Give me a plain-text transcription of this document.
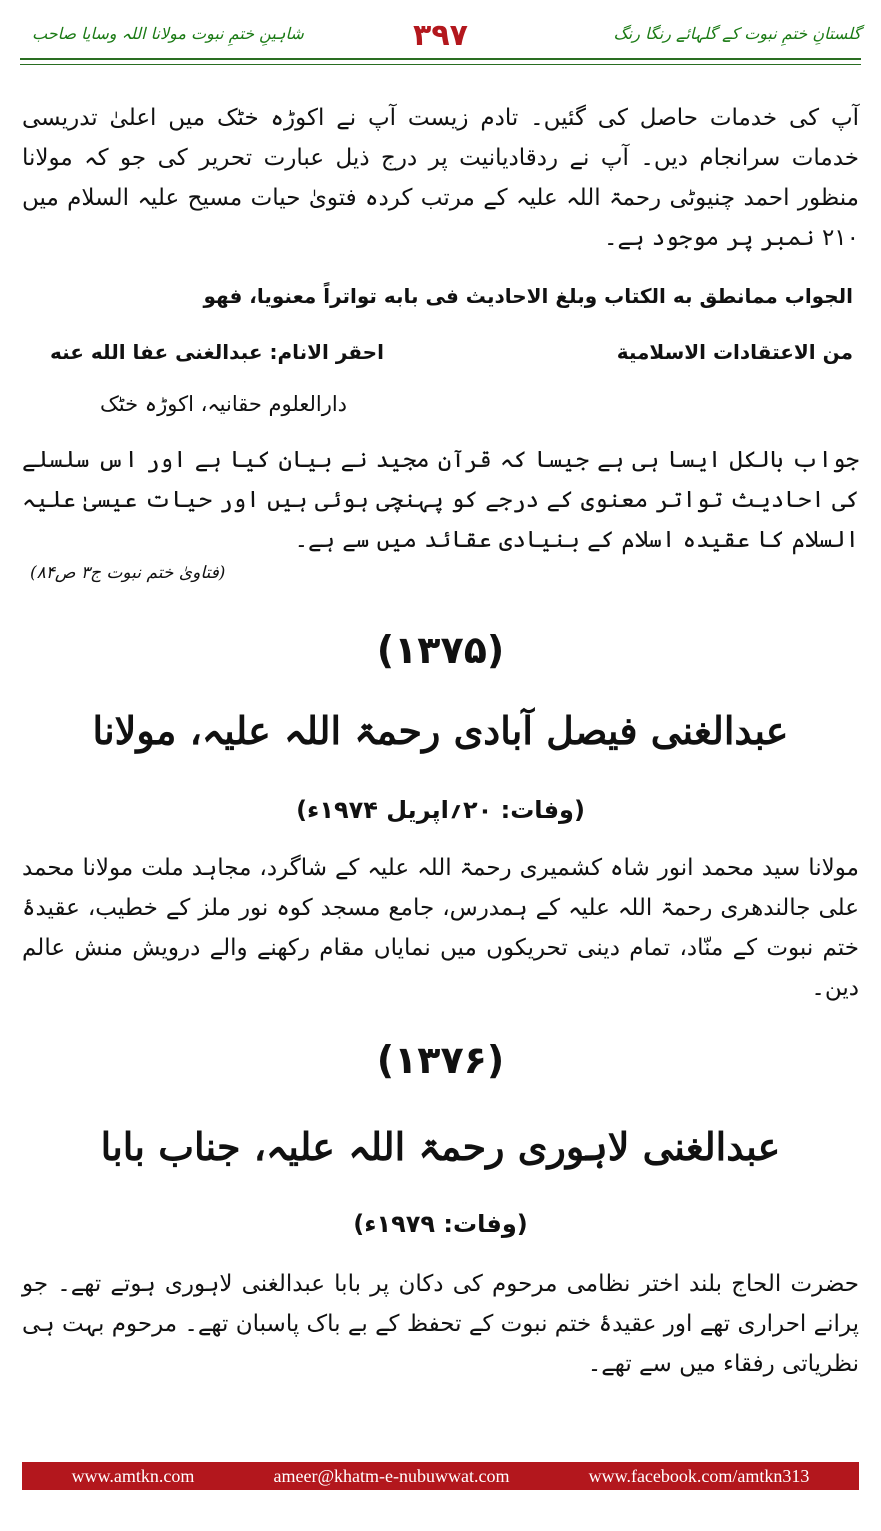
گلستانِ ختمِ نبوت کے گلہائے رنگا رنگ
۳۹۷
شاہینِ ختمِ نبوت مولانا اللہ وسایا صاحب

آپ کی خدمات حاصل کی گئیں۔ تادم زیست آپ نے اکوڑہ خٹک میں اعلیٰ تدریسی خدمات سرانجام دیں۔ آپ نے ردقادیانیت پر درج ذیل عبارت تحریر کی جو کہ مولانا منظور احمد چنیوٹی رحمۃ اللہ علیہ کے مرتب کردہ فتویٰ حیات مسیح علیہ السلام میں ۲۱۰ نمبر پر موجود ہے۔

الجواب ممانطق به الكتاب وبلغ الاحاديث فى بابه تواتراً معنويا، فهو
من الاعتقادات الاسلامية
احقر الانام: عبدالغنى عفا الله عنه
دارالعلوم حقانیہ، اکوڑہ خٹک

جواب بالکل ایسا ہی ہے جیسا کہ قرآن مجید نے بیان کیا ہے اور اس سلسلے کی احادیث تواتر معنوی کے درجے کو پہنچی ہوئی ہیں اور حیات عیسیٰ علیہ السلام کا عقیدہ اسلام کے بنیادی عقائد میں سے ہے۔

(فتاویٰ ختم نبوت ج۳ ص۸۴)
(۱۳۷۵)
عبدالغنی فیصل آبادی رحمۃ اللہ علیہ، مولانا
(وفات: ۲۰؍اپریل ۱۹۷۴ء)

مولانا سید محمد انور شاہ کشمیری رحمۃ اللہ علیہ کے شاگرد، مجاہد ملت مولانا محمد علی جالندھری رحمۃ اللہ علیہ کے ہمدرس، جامع مسجد کوہ نور ملز کے خطیب، عقیدۂ ختم نبوت کے منّاد، تمام دینی تحریکوں میں نمایاں مقام رکھنے والے درویش منش عالم دین۔

(۱۳۷۶)
عبدالغنی لاہوری رحمۃ اللہ علیہ، جناب بابا
(وفات: ۱۹۷۹ء)

حضرت الحاج بلند اختر نظامی مرحوم کی دکان پر بابا عبدالغنی لاہوری ہوتے تھے۔ جو پرانے احراری تھے اور عقیدۂ ختم نبوت کے تحفظ کے بے باک پاسبان تھے۔ مرحوم بہت ہی نظریاتی رفقاء میں سے تھے۔

www.amtkn.com	ameer@khatm-e-nubuwwat.com	www.facebook.com/amtkn313
